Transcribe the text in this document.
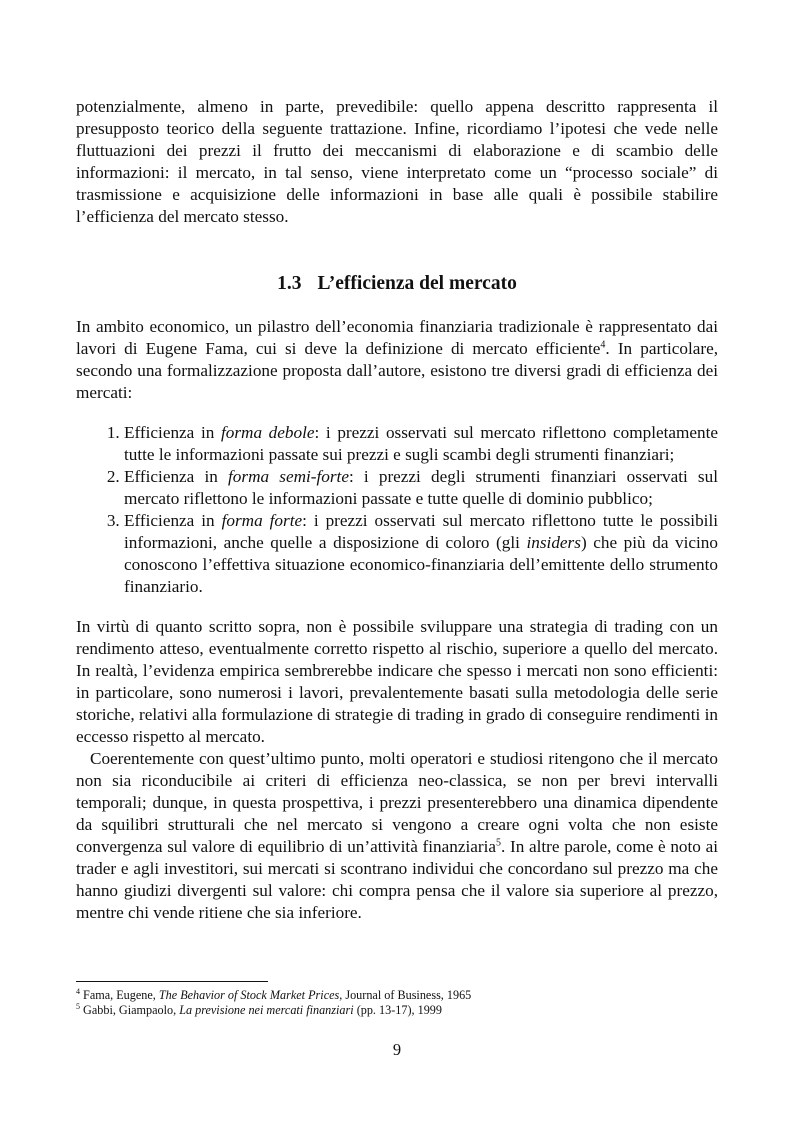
potenzialmente, almeno in parte, prevedibile: quello appena descritto rappresenta il presupposto teorico della seguente trattazione. Infine, ricordiamo l’ipotesi che vede nelle fluttuazioni dei prezzi il frutto dei meccanismi di elaborazione e di scambio delle informazioni: il mercato, in tal senso, viene interpretato come un “processo sociale” di trasmissione e acquisizione delle informazioni in base alle quali è possibile stabilire l’efficienza del mercato stesso.

1.3 L’efficienza del mercato

In ambito economico, un pilastro dell’economia finanziaria tradizionale è rappresentato dai lavori di Eugene Fama, cui si deve la definizione di mercato efficiente$^4$. In particolare, secondo una formalizzazione proposta dall’autore, esistono tre diversi gradi di efficienza dei mercati:

1. Efficienza in forma debole: i prezzi osservati sul mercato riflettono completamente tutte le informazioni passate sui prezzi e sugli scambi degli strumenti finanziari;
2. Efficienza in forma semi-forte: i prezzi degli strumenti finanziari osservati sul mercato riflettono le informazioni passate e tutte quelle di dominio pubblico;
3. Efficienza in forma forte: i prezzi osservati sul mercato riflettono tutte le possibili informazioni, anche quelle a disposizione di coloro (gli insiders) che più da vicino conoscono l’effettiva situazione economico-finanziaria dell’emittente dello strumento finanziario.

In virtù di quanto scritto sopra, non è possibile sviluppare una strategia di trading con un rendimento atteso, eventualmente corretto rispetto al rischio, superiore a quello del mercato. In realtà, l’evidenza empirica sembrerebbe indicare che spesso i mercati non sono efficienti: in particolare, sono numerosi i lavori, prevalentemente basati sulla metodologia delle serie storiche, relativi alla formulazione di strategie di trading in grado di conseguire rendimenti in eccesso rispetto al mercato.

Coerentemente con quest’ultimo punto, molti operatori e studiosi ritengono che il mercato non sia riconducibile ai criteri di efficienza neo-classica, se non per brevi intervalli temporali; dunque, in questa prospettiva, i prezzi presenterebbero una dinamica dipendente da squilibri strutturali che nel mercato si vengono a creare ogni volta che non esiste convergenza sul valore di equilibrio di un’attività finanziaria$^5$. In altre parole, come è noto ai trader e agli investitori, sui mercati si scontrano individui che concordano sul prezzo ma che hanno giudizi divergenti sul valore: chi compra pensa che il valore sia superiore al prezzo, mentre chi vende ritiene che sia inferiore.

$^4$ Fama, Eugene, The Behavior of Stock Market Prices, Journal of Business, 1965
$^5$ Gabbi, Giampaolo, La previsione nei mercati finanziari (pp. 13-17), 1999
9
